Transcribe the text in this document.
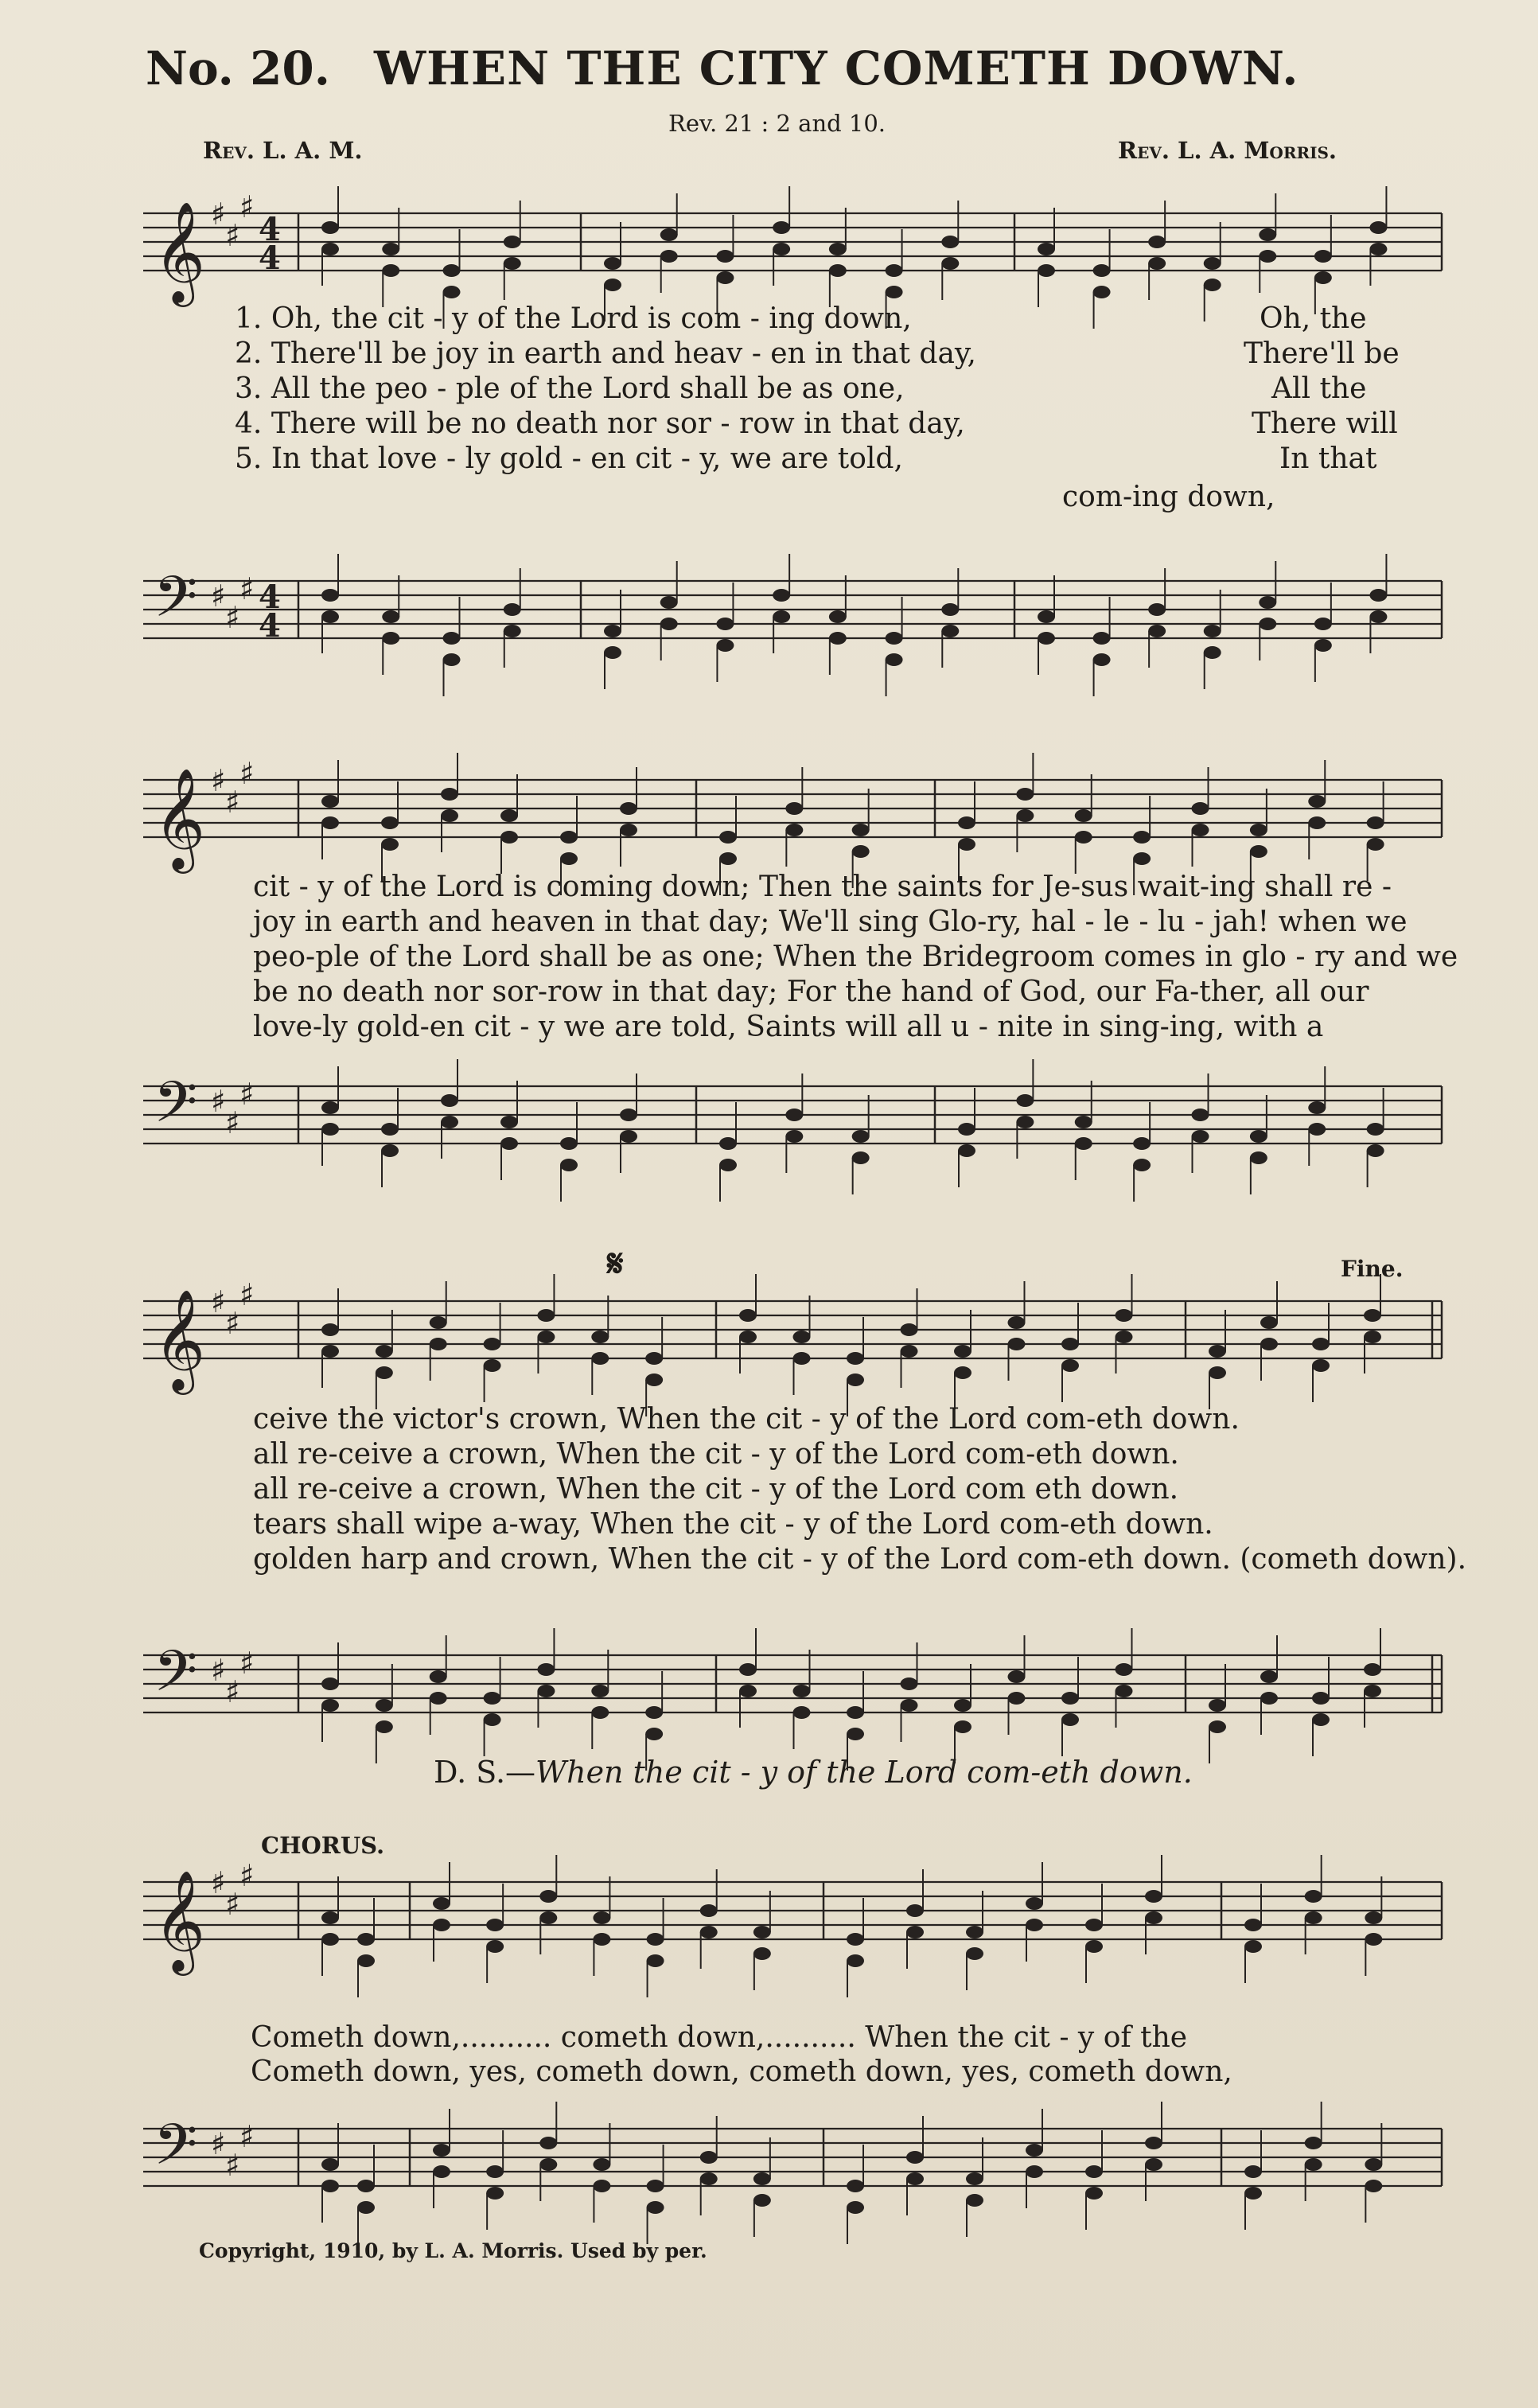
No. 20. WHEN THE CITY COMETH DOWN.
Rev. 21 : 2 and 10.
Rev. L. A. M.	Rev. L. A. Morris.
𝄞 ♯
♯
♯
4
4
1. Oh, the cit - y of the Lord is com - ing down,	Oh, the
2. There'll be joy in earth and heav - en in that day,	There'll be
3. All the peo - ple of the Lord shall be as one,	All the
4. There will be no death nor sor - row in that day,	There will
5. In that love - ly gold - en cit - y, we are told,	In that
com-ing down,
𝄢 ♯
♯
♯ 4
4
𝄞 ♯
♯
♯
cit - y of the Lord is coming down; Then the saints for Je-sus wait-ing shall re -
joy in earth and heaven in that day; We'll sing Glo-ry, hal - le - lu - jah! when we
peo-ple of the Lord shall be as one; When the Bridegroom comes in glo - ry and we
be no death nor sor-row in that day; For the hand of God, our Fa-ther, all our
love-ly gold-en cit - y we are told, Saints will all u - nite in sing-ing, with a
𝄢 ♯
♯
♯
𝄋	Fine.
𝄞 ♯
♯
♯
ceive the victor's crown, When the cit - y of the Lord com-eth down.
all re-ceive a crown, When the cit - y of the Lord com-eth down.
all re-ceive a crown, When the cit - y of the Lord com eth down.
tears shall wipe a-way, When the cit - y of the Lord com-eth down.
golden harp and crown, When the cit - y of the Lord com-eth down. (cometh down).
𝄢 ♯
♯
♯
D. S.—When the cit - y of the Lord com-eth down.
CHORUS.
𝄞 ♯
♯
♯
Cometh down,.......... cometh down,.......... When the cit - y of the
Cometh down, yes, cometh down, cometh down, yes, cometh down,
𝄢 ♯
♯
♯
Copyright, 1910, by L. A. Morris. Used by per.
